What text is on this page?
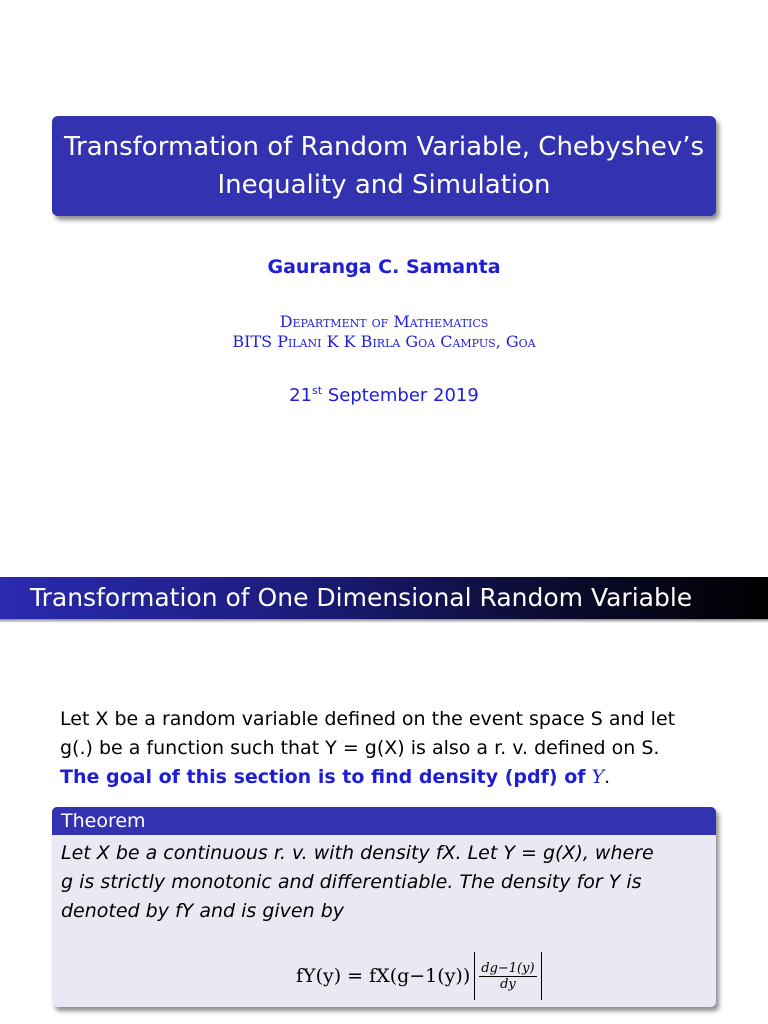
Transformation of Random Variable, Chebyshev’s
Inequality and Simulation
Gauranga C. Samanta
Department of Mathematics
BITS Pilani K K Birla Goa Campus, Goa
21st September 2019
Transformation of One Dimensional Random Variable
Let X be a random variable defined on the event space S and let
g(.) be a function such that Y = g(X) is also a r. v. defined on S.
The goal of this section is to find density (pdf) of Y.
Theorem
Let X be a continuous r. v. with density fX. Let Y = g(X), where
g is strictly monotonic and differentiable. The density for Y is
denoted by fY and is given by
$fY(y) = fX(g-1(y)) \frac{dg-1(y)}{dy}$
